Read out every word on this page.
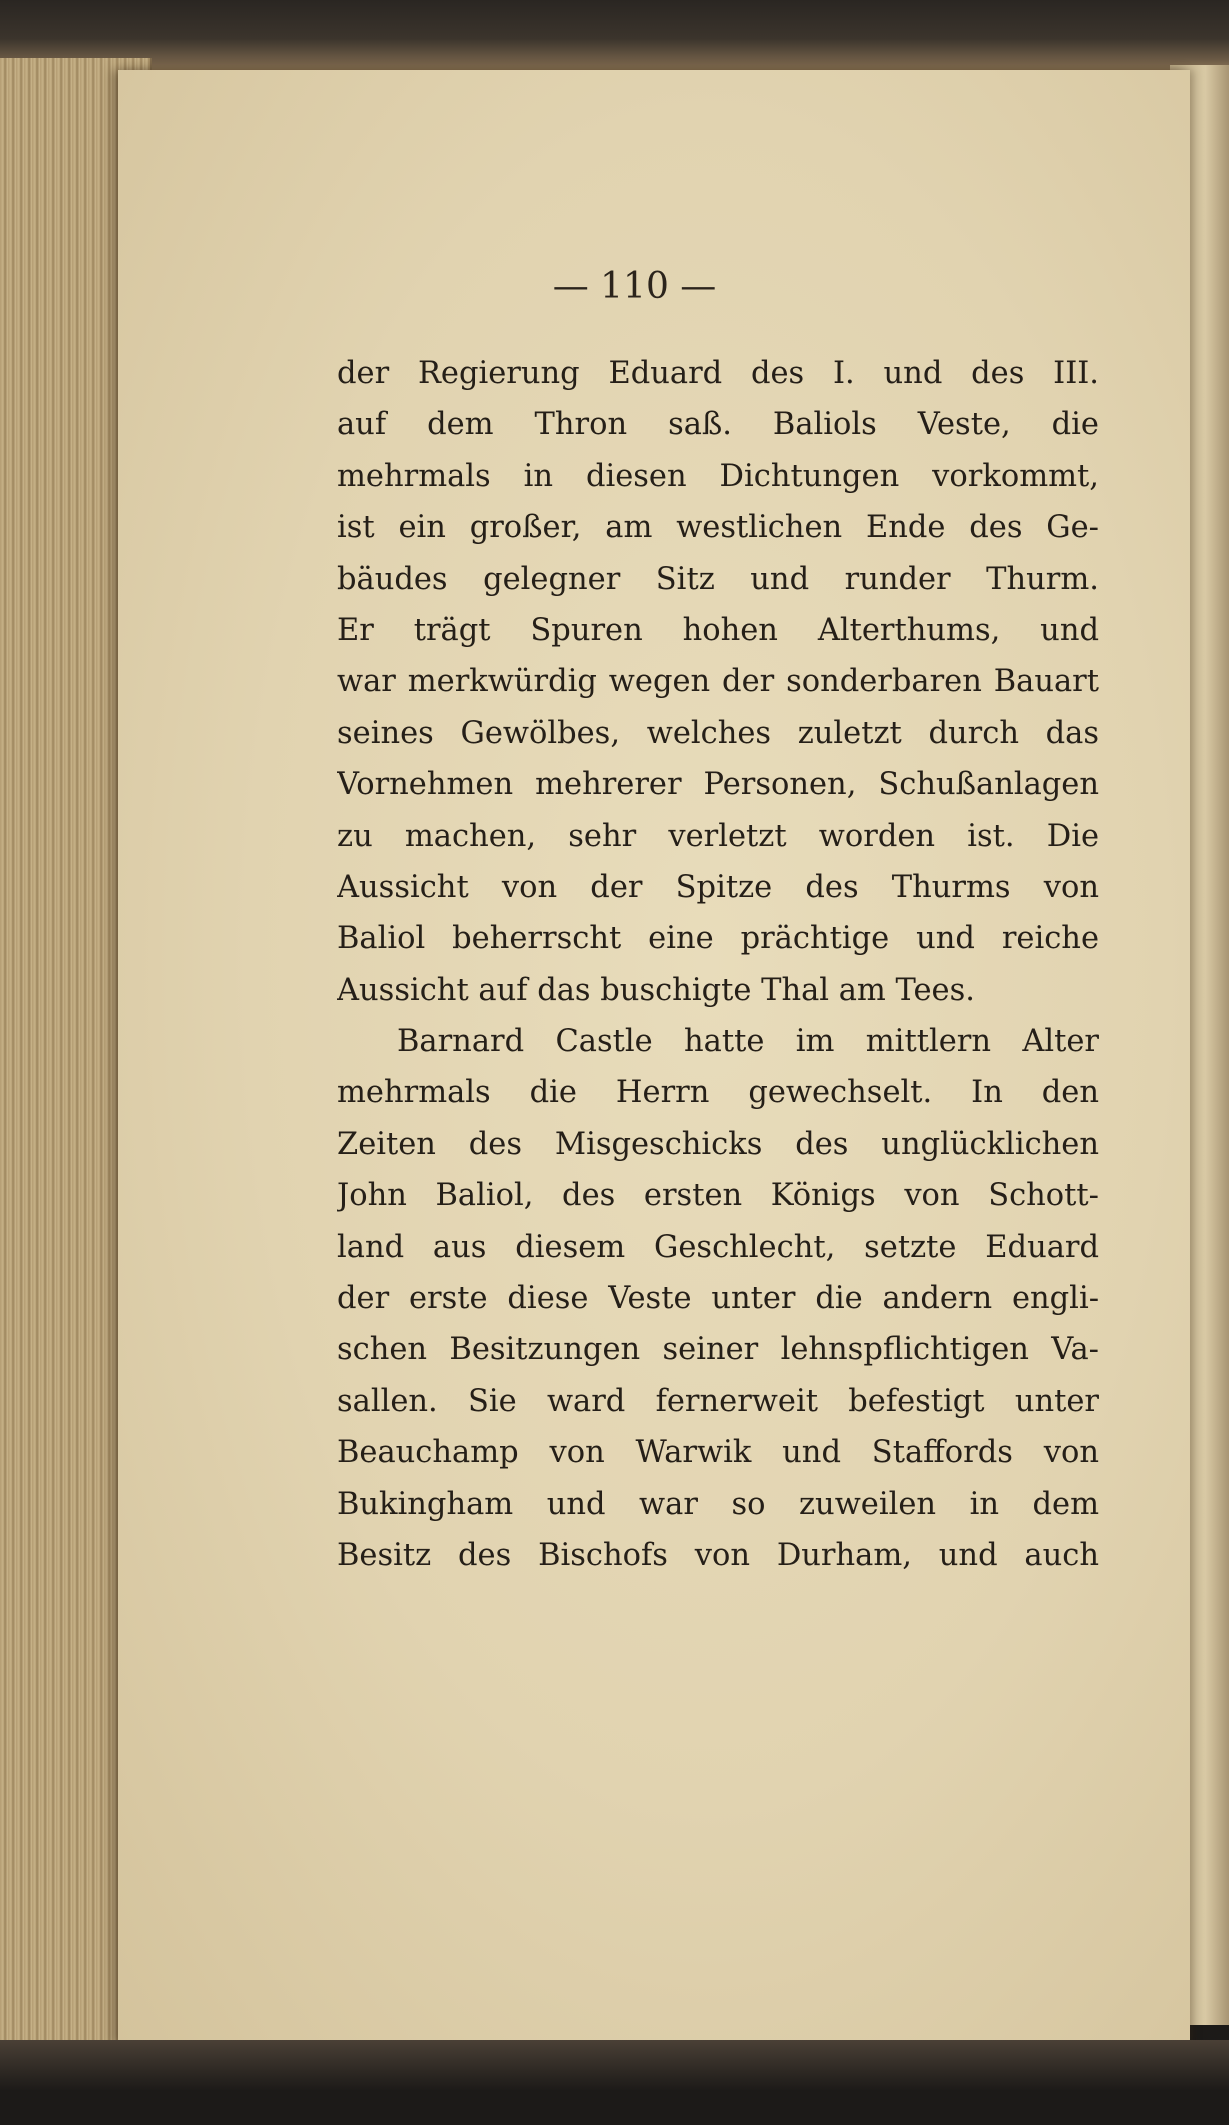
— 110 —
der Regierung Eduard des I. und des III.
auf dem Thron saß. Baliols Veste, die
mehrmals in diesen Dichtungen vorkommt,
ist ein großer, am westlichen Ende des Ge-
bäudes gelegner Sitz und runder Thurm.
Er trägt Spuren hohen Alterthums, und
war merkwürdig wegen der sonderbaren Bauart
seines Gewölbes, welches zuletzt durch das
Vornehmen mehrerer Personen, Schußanlagen
zu machen, sehr verletzt worden ist. Die
Aussicht von der Spitze des Thurms von
Baliol beherrscht eine prächtige und reiche
Aussicht auf das buschigte Thal am Tees.
Barnard Castle hatte im mittlern Alter
mehrmals die Herrn gewechselt. In den
Zeiten des Misgeschicks des unglücklichen
John Baliol, des ersten Königs von Schott-
land aus diesem Geschlecht, setzte Eduard
der erste diese Veste unter die andern engli-
schen Besitzungen seiner lehnspflichtigen Va-
sallen. Sie ward fernerweit befestigt unter
Beauchamp von Warwik und Staffords von
Bukingham und war so zuweilen in dem
Besitz des Bischofs von Durham, und auch
